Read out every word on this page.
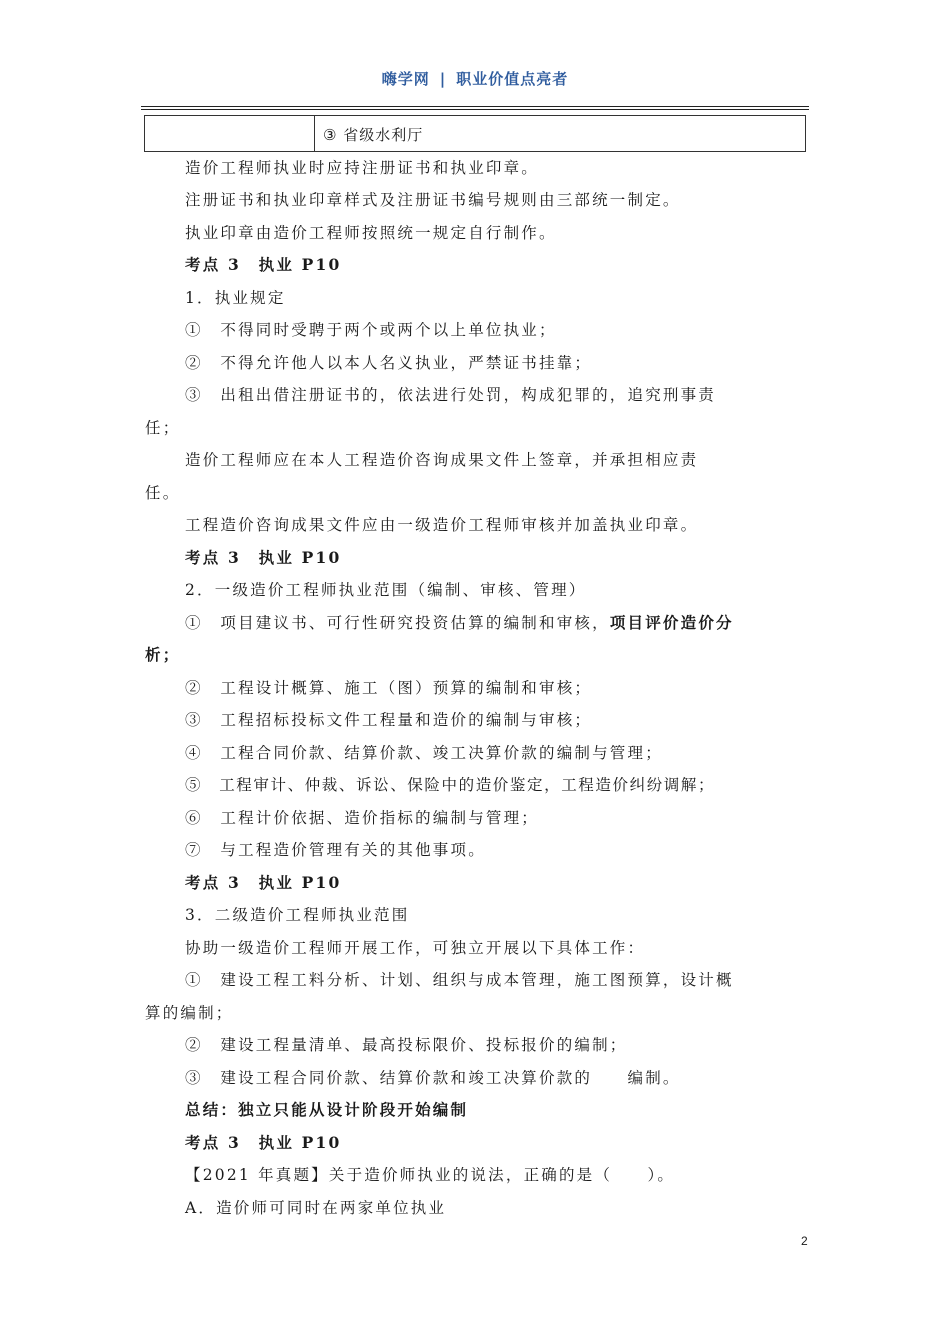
嗨学网 | 职业价值点亮者
③ 省级水利厅
造价工程师执业时应持注册证书和执业印章。
注册证书和执业印章样式及注册证书编号规则由三部统一制定。
执业印章由造价工程师按照统一规定自行制作。
考点 3　执业 P10
1．执业规定
①　不得同时受聘于两个或两个以上单位执业；
②　不得允许他人以本人名义执业，严禁证书挂靠；
③　出租出借注册证书的，依法进行处罚，构成犯罪的，追究刑事责
任；
造价工程师应在本人工程造价咨询成果文件上签章，并承担相应责
任。
工程造价咨询成果文件应由一级造价工程师审核并加盖执业印章。
考点 3　执业 P10
2．一级造价工程师执业范围（编制、审核、管理）
①　项目建议书、可行性研究投资估算的编制和审核，项目评价造价分
析；
②　工程设计概算、施工（图）预算的编制和审核；
③　工程招标投标文件工程量和造价的编制与审核；
④　工程合同价款、结算价款、竣工决算价款的编制与管理；
⑤　工程审计、仲裁、诉讼、保险中的造价鉴定，工程造价纠纷调解；
⑥　工程计价依据、造价指标的编制与管理；
⑦　与工程造价管理有关的其他事项。
考点 3　执业 P10
3．二级造价工程师执业范围
协助一级造价工程师开展工作，可独立开展以下具体工作：
①　建设工程工料分析、计划、组织与成本管理，施工图预算，设计概
算的编制；
②　建设工程量清单、最高投标限价、投标报价的编制；
③　建设工程合同价款、结算价款和竣工决算价款的　　编制。
总结：独立只能从设计阶段开始编制
考点 3　执业 P10
【2021 年真题】关于造价师执业的说法，正确的是（　　）。
A．造价师可同时在两家单位执业
2
